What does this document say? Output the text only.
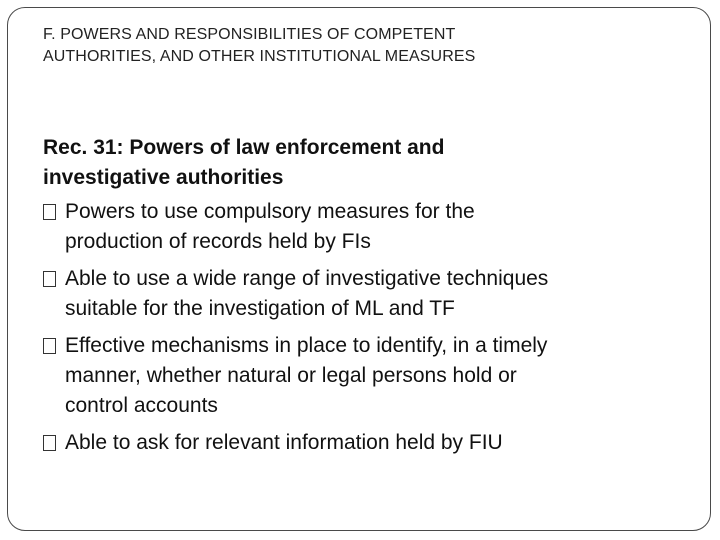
F. POWERS AND RESPONSIBILITIES OF COMPETENT
AUTHORITIES, AND OTHER INSTITUTIONAL MEASURES
Rec. 31: Powers of law enforcement and
investigative authorities
Powers to use compulsory measures for the
production of records held by FIs
Able to use a wide range of investigative techniques
suitable for the investigation of ML and TF
Effective mechanisms in place to identify, in a timely
manner, whether natural or legal persons hold or
control accounts
Able to ask for relevant information held by FIU
